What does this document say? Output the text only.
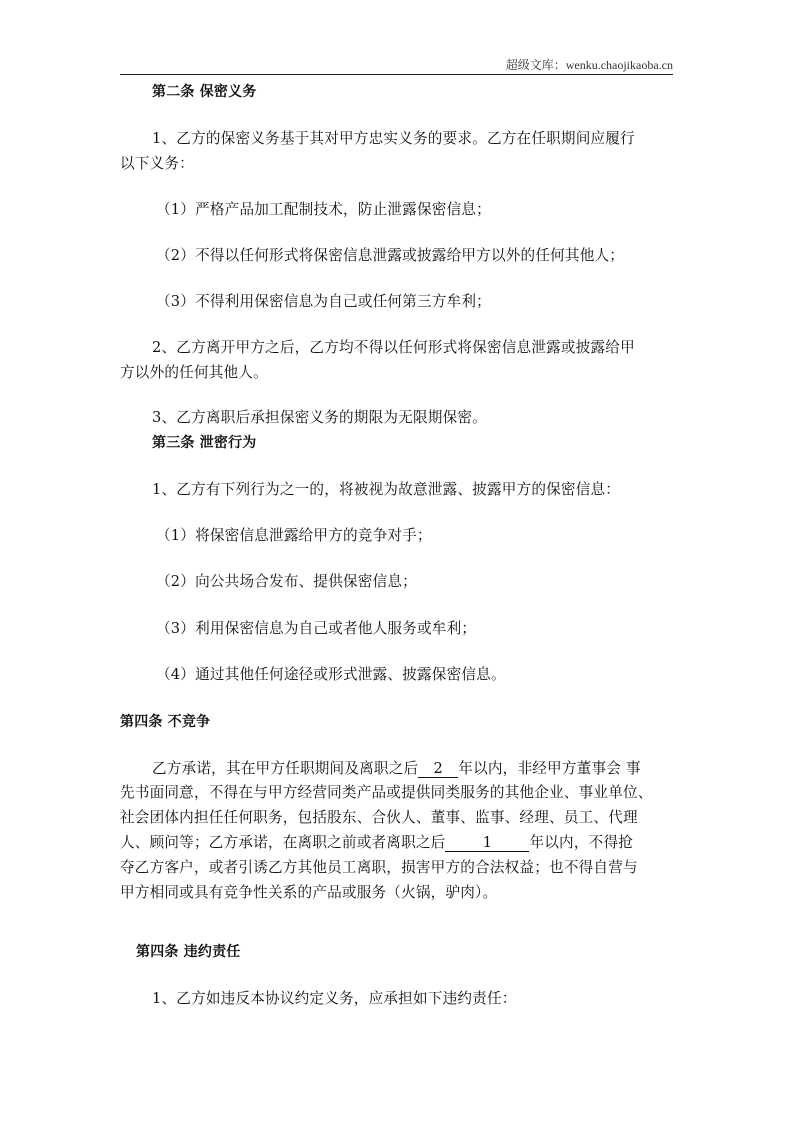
超级文库：wenku.chaojikaoba.cn
第二条 保密义务
1、乙方的保密义务基于其对甲方忠实义务的要求。乙方在任职期间应履行
以下义务：
（1）严格产品加工配制技术，防止泄露保密信息；
（2）不得以任何形式将保密信息泄露或披露给甲方以外的任何其他人；
（3）不得利用保密信息为自己或任何第三方牟利；
2、乙方离开甲方之后，乙方均不得以任何形式将保密信息泄露或披露给甲
方以外的任何其他人。
3、乙方离职后承担保密义务的期限为无限期保密。
第三条 泄密行为
1、乙方有下列行为之一的，将被视为故意泄露、披露甲方的保密信息：
（1）将保密信息泄露给甲方的竞争对手；
（2）向公共场合发布、提供保密信息；
（3）利用保密信息为自己或者他人服务或牟利；
（4）通过其他任何途径或形式泄露、披露保密信息。
第四条 不竞争
乙方承诺，其在甲方任职期间及离职之后 2 年以内，非经甲方董事会 事
先书面同意，不得在与甲方经营同类产品或提供同类服务的其他企业、事业单位、
社会团体内担任任何职务，包括股东、合伙人、董事、监事、经理、员工、代理
人、顾问等；乙方承诺，在离职之前或者离职之后	1	年以内，不得抢
夺乙方客户，或者引诱乙方其他员工离职，损害甲方的合法权益；也不得自营与
甲方相同或具有竞争性关系的产品或服务（火锅，驴肉）。
第四条 违约责任
1、乙方如违反本协议约定义务，应承担如下违约责任：
